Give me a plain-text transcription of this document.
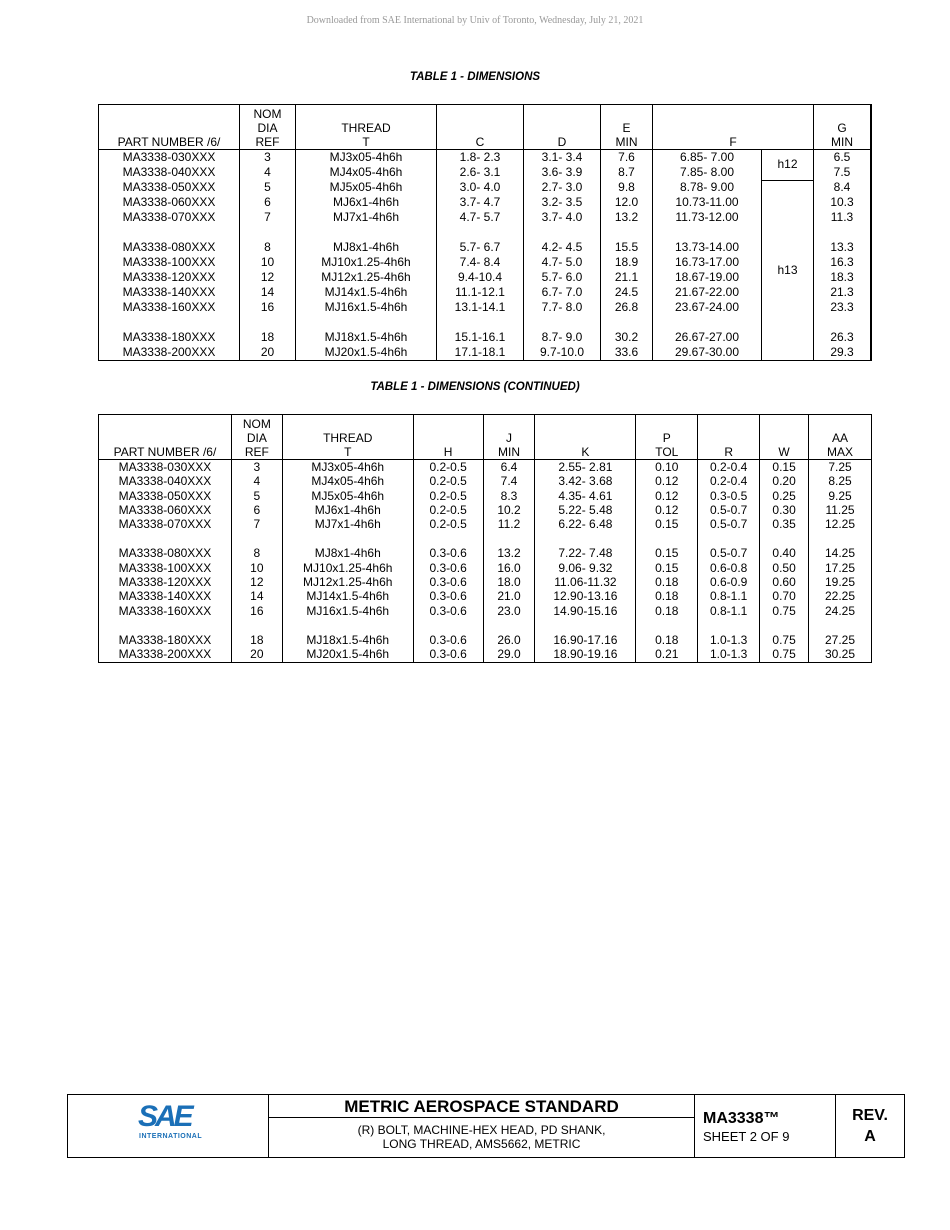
Downloaded from SAE International by Univ of Toronto, Wednesday, July 21, 2021
TABLE 1 - DIMENSIONS
PART NUMBER /6/	NOM
DIA
REF	THREAD
T	C	D	E
MIN	F		G
MIN	
MA3338-030XXX	3	MJ3x05-4h6h	1.8- 2.3	3.1- 3.4	7.6	6.85- 7.00	h12	6.5	
MA3338-040XXX	4	MJ4x05-4h6h	2.6- 3.1	3.6- 3.9	8.7	7.85- 8.00		7.5	
MA3338-050XXX	5	MJ5x05-4h6h	3.0- 4.0	2.7- 3.0	9.8	8.78- 9.00	h13	8.4	
MA3338-060XXX	6	MJ6x1-4h6h	3.7- 4.7	3.2- 3.5	12.0	10.73-11.00		10.3	
MA3338-070XXX	7	MJ7x1-4h6h	4.7- 5.7	3.7- 4.0	13.2	11.73-12.00		11.3	

MA3338-080XXX	8	MJ8x1-4h6h	5.7- 6.7	4.2- 4.5	15.5	13.73-14.00		13.3	
MA3338-100XXX	10	MJ10x1.25-4h6h	7.4- 8.4	4.7- 5.0	18.9	16.73-17.00		16.3	
MA3338-120XXX	12	MJ12x1.25-4h6h	9.4-10.4	5.7- 6.0	21.1	18.67-19.00		18.3	
MA3338-140XXX	14	MJ14x1.5-4h6h	11.1-12.1	6.7- 7.0	24.5	21.67-22.00		21.3	
MA3338-160XXX	16	MJ16x1.5-4h6h	13.1-14.1	7.7- 8.0	26.8	23.67-24.00		23.3	

MA3338-180XXX	18	MJ18x1.5-4h6h	15.1-16.1	8.7- 9.0	30.2	26.67-27.00		26.3	
MA3338-200XXX	20	MJ20x1.5-4h6h	17.1-18.1	9.7-10.0	33.6	29.67-30.00		29.3	
TABLE 1 - DIMENSIONS (CONTINUED)
PART NUMBER /6/	NOM
DIA
REF	THREAD
T	H	J
MIN	K	P
TOL	R	W	AA
MAX
MA3338-030XXX	3	MJ3x05-4h6h	0.2-0.5	6.4	2.55- 2.81	0.10	0.2-0.4	0.15	7.25
MA3338-040XXX	4	MJ4x05-4h6h	0.2-0.5	7.4	3.42- 3.68	0.12	0.2-0.4	0.20	8.25
MA3338-050XXX	5	MJ5x05-4h6h	0.2-0.5	8.3	4.35- 4.61	0.12	0.3-0.5	0.25	9.25
MA3338-060XXX	6	MJ6x1-4h6h	0.2-0.5	10.2	5.22- 5.48	0.12	0.5-0.7	0.30	11.25
MA3338-070XXX	7	MJ7x1-4h6h	0.2-0.5	11.2	6.22- 6.48	0.15	0.5-0.7	0.35	12.25

MA3338-080XXX	8	MJ8x1-4h6h	0.3-0.6	13.2	7.22- 7.48	0.15	0.5-0.7	0.40	14.25
MA3338-100XXX	10	MJ10x1.25-4h6h	0.3-0.6	16.0	9.06- 9.32	0.15	0.6-0.8	0.50	17.25
MA3338-120XXX	12	MJ12x1.25-4h6h	0.3-0.6	18.0	11.06-11.32	0.18	0.6-0.9	0.60	19.25
MA3338-140XXX	14	MJ14x1.5-4h6h	0.3-0.6	21.0	12.90-13.16	0.18	0.8-1.1	0.70	22.25
MA3338-160XXX	16	MJ16x1.5-4h6h	0.3-0.6	23.0	14.90-15.16	0.18	0.8-1.1	0.75	24.25

MA3338-180XXX	18	MJ18x1.5-4h6h	0.3-0.6	26.0	16.90-17.16	0.18	1.0-1.3	0.75	27.25
MA3338-200XXX	20	MJ20x1.5-4h6h	0.3-0.6	29.0	18.90-19.16	0.21	1.0-1.3	0.75	30.25
SAE
INTERNATIONAL
METRIC AEROSPACE STANDARD
(R) BOLT, MACHINE-HEX HEAD, PD SHANK,
LONG THREAD, AMS5662, METRIC
MA3338™
SHEET 2 OF 9
REV.
A
